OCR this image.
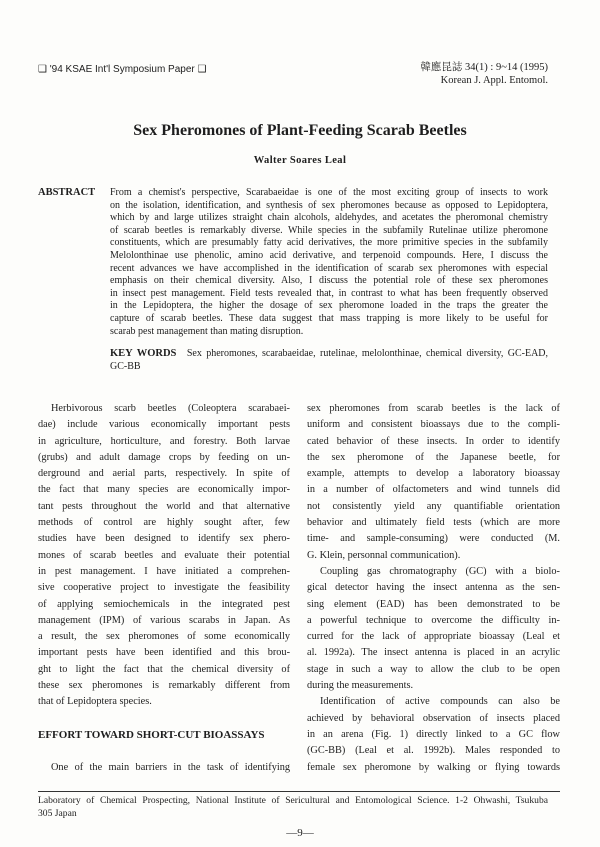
❑ '94 KSAE Int'l Symposium Paper ❑	韓應昆誌 34(1) : 9~14 (1995)
Korean J. Appl. Entomol.
Sex Pheromones of Plant-Feeding Scarab Beetles
Walter Soares Leal
ABSTRACT From a chemist's perspective, Scarabaeidae is one of the most exciting group of insects to work
on the isolation, identification, and synthesis of sex pheromones because as opposed to Lepidoptera,
which by and large utilizes straight chain alcohols, aldehydes, and acetates the pheromonal chemistry
of scarab beetles is remarkably diverse. While species in the subfamily Rutelinae utilize pheromone
constituents, which are presumably fatty acid derivatives, the more primitive species in the subfamily
Melolonthinae use phenolic, amino acid derivative, and terpenoid compounds. Here, I discuss the
recent advances we have accomplished in the identification of scarab sex pheromones with especial
emphasis on their chemical diversity. Also, I discuss the potential role of these sex pheromones
in insect pest management. Field tests revealed that, in contrast to what has been frequently observed
in the Lepidoptera, the higher the dosage of sex pheromone loaded in the traps the greater the
capture of scarab beetles. These data suggest that mass trapping is more likely to be useful for
scarab pest management than mating disruption.
KEY WORDS Sex pheromones, scarabaeidae, rutelinae, melolonthinae, chemical diversity, GC-EAD,
GC-BB
Herbivorous scarb beetles (Coleoptera scarabaei-
dae) include various economically important pests
in agriculture, horticulture, and forestry. Both larvae
(grubs) and adult damage crops by feeding on un-
derground and aerial parts, respectively. In spite of
the fact that many species are economically impor-
tant pests throughout the world and that alternative
methods of control are highly sought after, few
studies have been designed to identify sex phero-
mones of scarab beetles and evaluate their potential
in pest management. I have initiated a comprehen-
sive cooperative project to investigate the feasibility
of applying semiochemicals in the integrated pest
management (IPM) of various scarabs in Japan. As
a result, the sex pheromones of some economically
important pests have been identified and this brou-
ght to light the fact that the chemical diversity of
these sex pheromones is remarkably different from
that of Lepidoptera species.
EFFORT TOWARD SHORT-CUT BIOASSAYS
One of the main barriers in the task of identifying
sex pheromones from scarab beetles is the lack of
uniform and consistent bioassays due to the compli-
cated behavior of these insects. In order to identify
the sex pheromone of the Japanese beetle, for
example, attempts to develop a laboratory bioassay
in a number of olfactometers and wind tunnels did
not consistently yield any quantifiable orientation
behavior and ultimately field tests (which are more
time- and sample-consuming) were conducted (M.
G. Klein, personnal communication).
Coupling gas chromatography (GC) with a biolo-
gical detector having the insect antenna as the sen-
sing element (EAD) has been demonstrated to be
a powerful technique to overcome the difficulty in-
curred for the lack of appropriate bioassay (Leal et
al. 1992a). The insect antenna is placed in an acrylic
stage in such a way to allow the club to be open
during the measurements.
Identification of active compounds can also be
achieved by behavioral observation of insects placed
in an arena (Fig. 1) directly linked to a GC flow
(GC-BB) (Leal et al. 1992b). Males responded to
female sex pheromone by walking or flying towards
Laboratory of Chemical Prospecting, National Institute of Sericultural and Entomological Science. 1-2 Ohwashi, Tsukuba
305 Japan
—9—
